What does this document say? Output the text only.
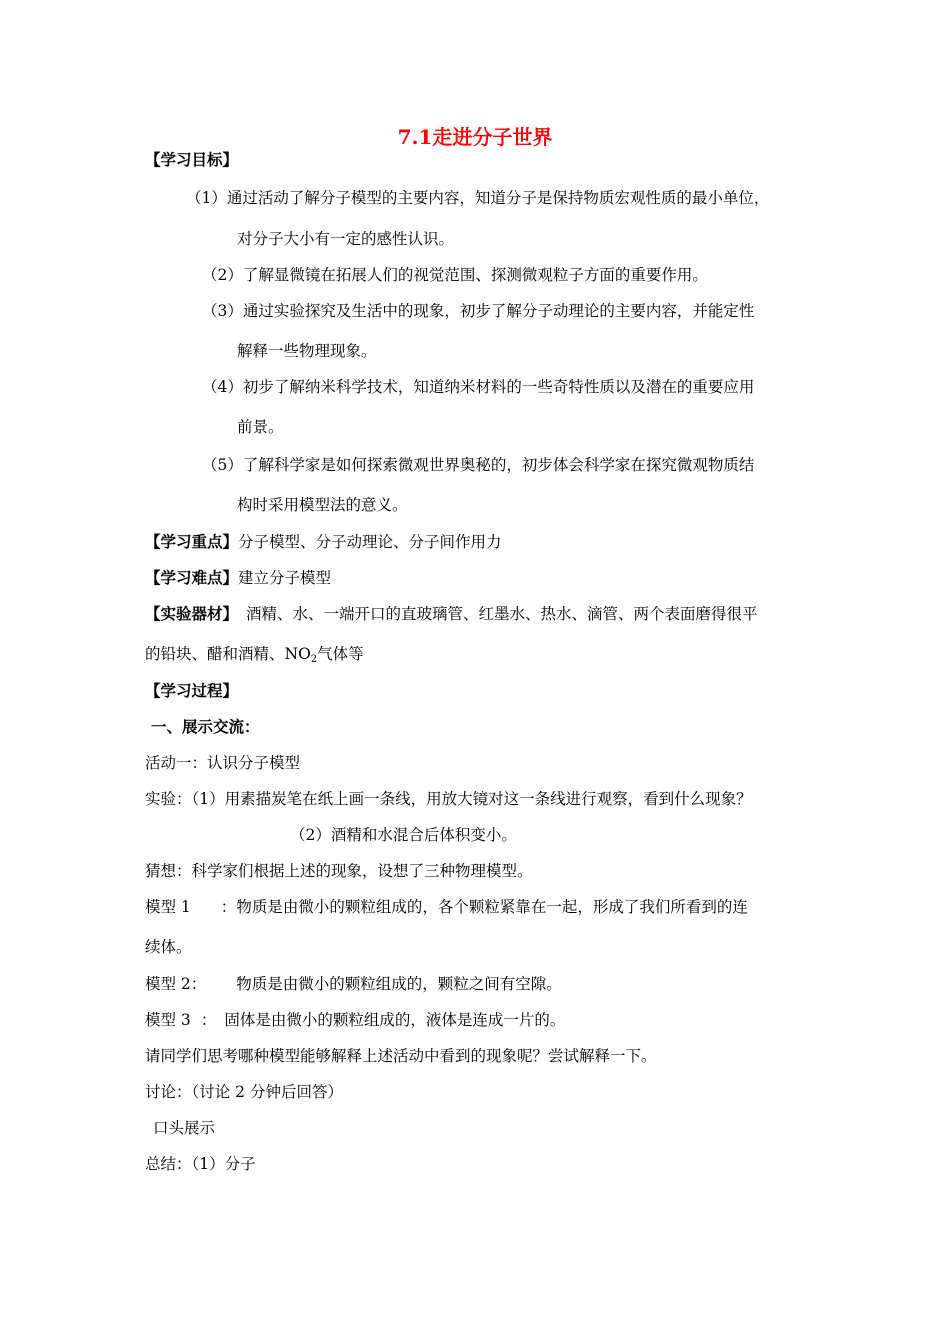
7.1走进分子世界
【学习目标】
（1）通过活动了解分子模型的主要内容，知道分子是保持物质宏观性质的最小单位，
对分子大小有一定的感性认识。
（2）了解显微镜在拓展人们的视觉范围、探测微观粒子方面的重要作用。
（3）通过实验探究及生活中的现象，初步了解分子动理论的主要内容，并能定性
解释一些物理现象。
（4）初步了解纳米科学技术，知道纳米材料的一些奇特性质以及潜在的重要应用
前景。
（5）了解科学家是如何探索微观世界奥秘的，初步体会科学家在探究微观物质结
构时采用模型法的意义。
【学习重点】分子模型、分子动理论、分子间作用力
【学习难点】建立分子模型
【实验器材】 酒精、水、一端开口的直玻璃管、红墨水、热水、滴管、两个表面磨得很平
的铅块、醋和酒精、$NO_2$气体等
【学习过程】
一、展示交流：
活动一：认识分子模型
实验：（1）用素描炭笔在纸上画一条线，用放大镜对这一条线进行观察，看到什么现象？
（2）酒精和水混合后体积变小。
猜想：科学家们根据上述的现象，设想了三种物理模型。
模型 1 ：物质是由微小的颗粒组成的，各个颗粒紧靠在一起，形成了我们所看到的连
续体。
模型 2： 物质是由微小的颗粒组成的，颗粒之间有空隙。
模型 3 ： 固体是由微小的颗粒组成的，液体是连成一片的。
请同学们思考哪种模型能够解释上述活动中看到的现象呢？尝试解释一下。
讨论：（讨论 2 分钟后回答）
口头展示
总结：（1）分子
